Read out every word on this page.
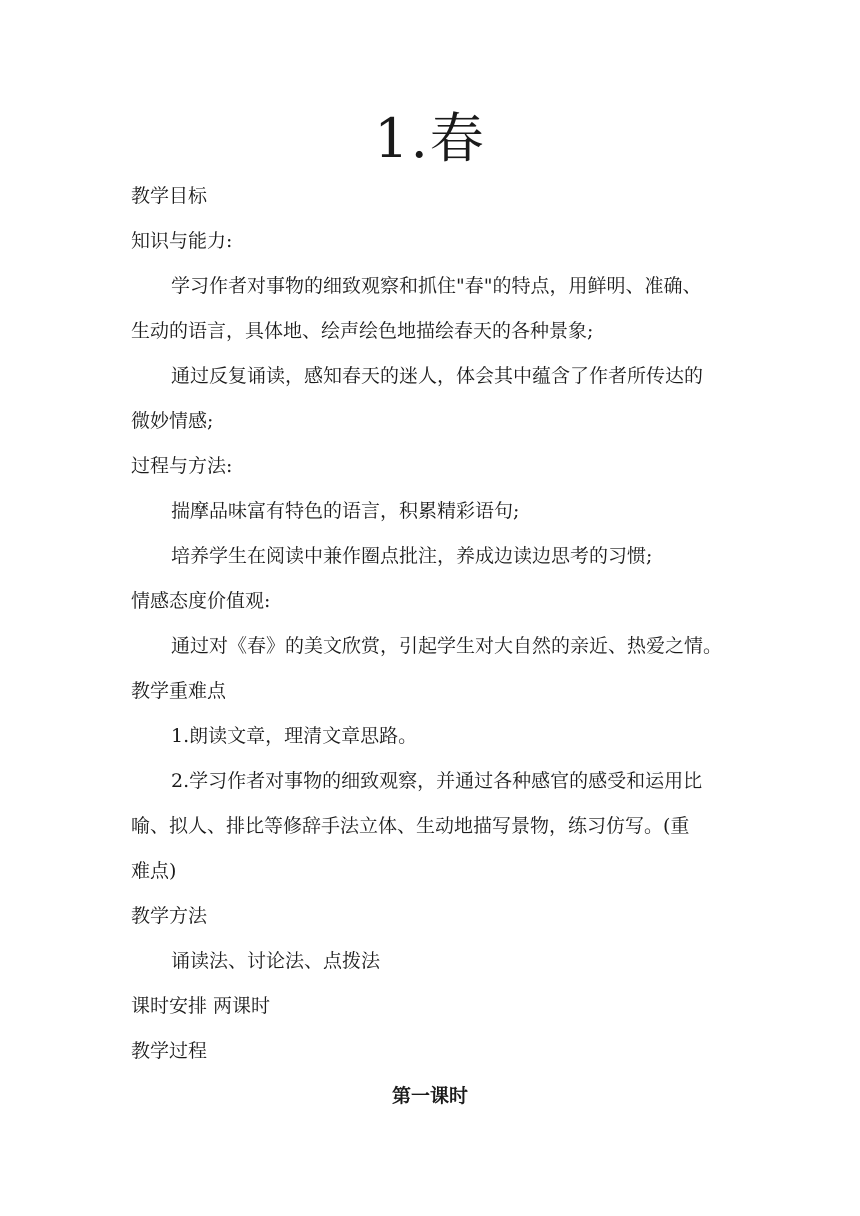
1.春
教学目标
知识与能力:
学习作者对事物的细致观察和抓住"春"的特点，用鲜明、准确、
生动的语言，具体地、绘声绘色地描绘春天的各种景象;
通过反复诵读，感知春天的迷人，体会其中蕴含了作者所传达的
微妙情感;
过程与方法:
揣摩品味富有特色的语言，积累精彩语句;
培养学生在阅读中兼作圈点批注，养成边读边思考的习惯;
情感态度价值观:
通过对《春》的美文欣赏，引起学生对大自然的亲近、热爱之情。
教学重难点
1.朗读文章，理清文章思路。
2.学习作者对事物的细致观察，并通过各种感官的感受和运用比
喻、拟人、排比等修辞手法立体、生动地描写景物，练习仿写。(重
难点)
教学方法
诵读法、讨论法、点拨法
课时安排 两课时
教学过程
第一课时
